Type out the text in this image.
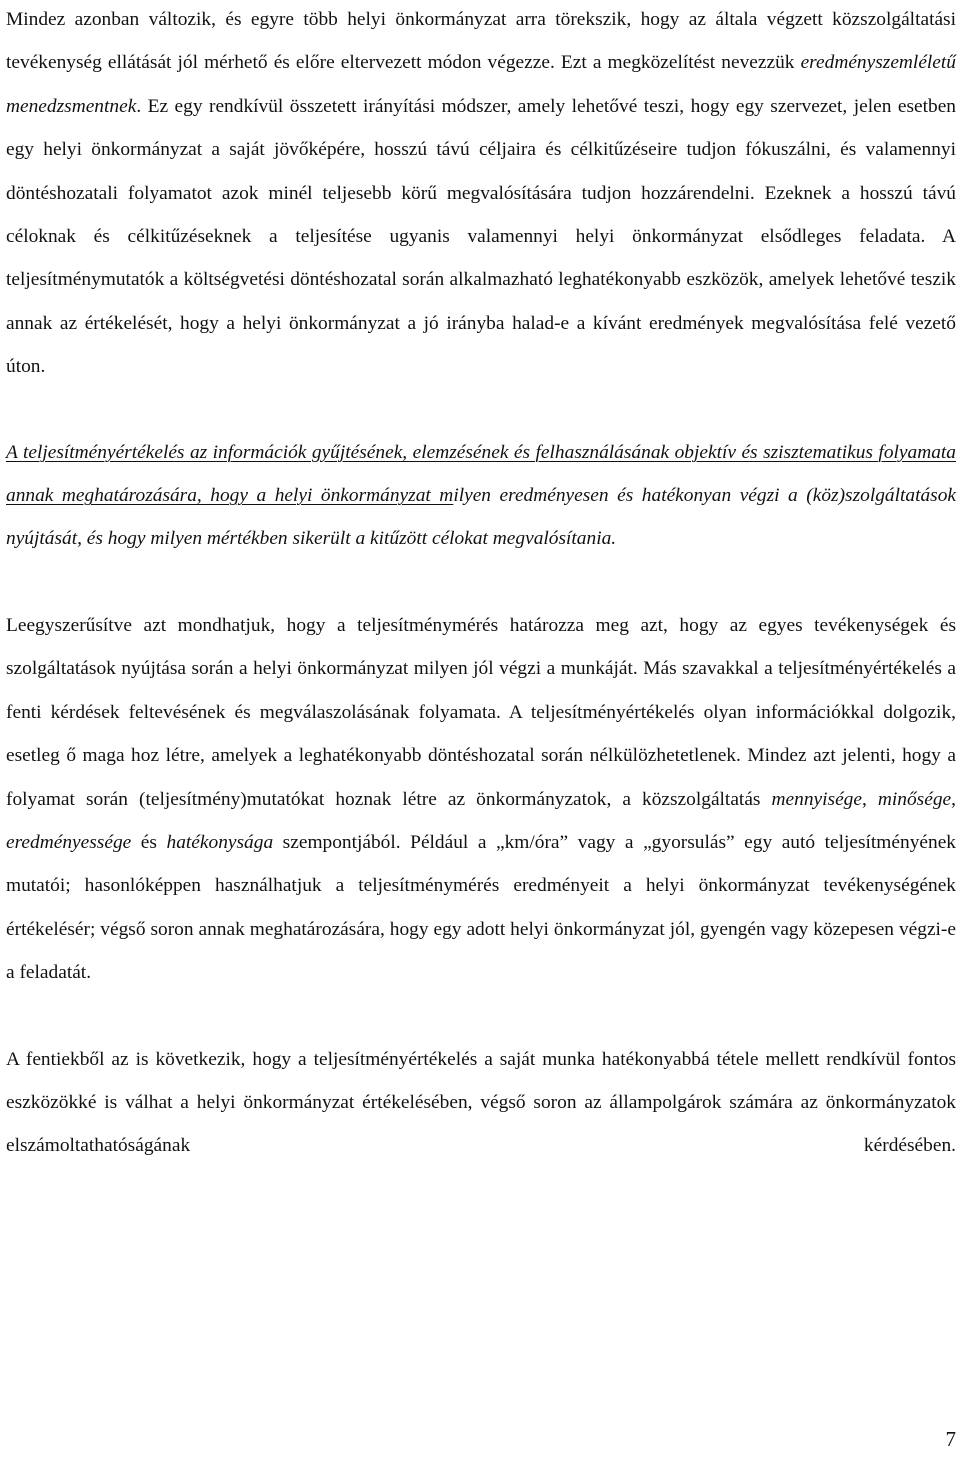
Mindez azonban változik, és egyre több helyi önkormányzat arra törekszik, hogy az általa végzett közszolgáltatási tevékenység ellátását jól mérhető és előre eltervezett módon végezze. Ezt a megközelítést nevezzük eredményszemléletű menedzsmentnek. Ez egy rendkívül összetett irányítási módszer, amely lehetővé teszi, hogy egy szervezet, jelen esetben egy helyi önkormányzat a saját jövőképére, hosszú távú céljaira és célkitűzéseire tudjon fókuszálni, és valamennyi döntéshozatali folyamatot azok minél teljesebb körű megvalósítására tudjon hozzárendelni. Ezeknek a hosszú távú céloknak és célkitűzéseknek a teljesítése ugyanis valamennyi helyi önkormányzat elsődleges feladata. A teljesítménymutatók a költségvetési döntéshozatal során alkalmazható leghatékonyabb eszközök, amelyek lehetővé teszik annak az értékelését, hogy a helyi önkormányzat a jó irányba halad-e a kívánt eredmények megvalósítása felé vezető úton.

A teljesítményértékelés az információk gyűjtésének, elemzésének és felhasználásának objektív és szisztematikus folyamata annak meghatározására, hogy a helyi önkormányzat milyen eredményesen és hatékonyan végzi a (köz)szolgáltatások nyújtását, és hogy milyen mértékben sikerült a kitűzött célokat megvalósítania.

Leegyszerűsítve azt mondhatjuk, hogy a teljesítménymérés határozza meg azt, hogy az egyes tevékenységek és szolgáltatások nyújtása során a helyi önkormányzat milyen jól végzi a munkáját. Más szavakkal a teljesítményértékelés a fenti kérdések feltevésének és megválaszolásának folyamata. A teljesítményértékelés olyan információkkal dolgozik, esetleg ő maga hoz létre, amelyek a leghatékonyabb döntéshozatal során nélkülözhetetlenek. Mindez azt jelenti, hogy a folyamat során (teljesítmény)mutatókat hoznak létre az önkormányzatok, a közszolgáltatás mennyisége, minősége, eredményessége és hatékonysága szempontjából. Például a „km/óra” vagy a „gyorsulás” egy autó teljesítményének mutatói; hasonlóképpen használhatjuk a teljesítménymérés eredményeit a helyi önkormányzat tevékenységének értékelésér; végső soron annak meghatározására, hogy egy adott helyi önkormányzat jól, gyengén vagy közepesen végzi-e a feladatát.

A fentiekből az is következik, hogy a teljesítményértékelés a saját munka hatékonyabbá tétele mellett rendkívül fontos eszközökké is válhat a helyi önkormányzat értékelésében, végső soron az állampolgárok számára az önkormányzatok elszámoltathatóságának kérdésében.

7
